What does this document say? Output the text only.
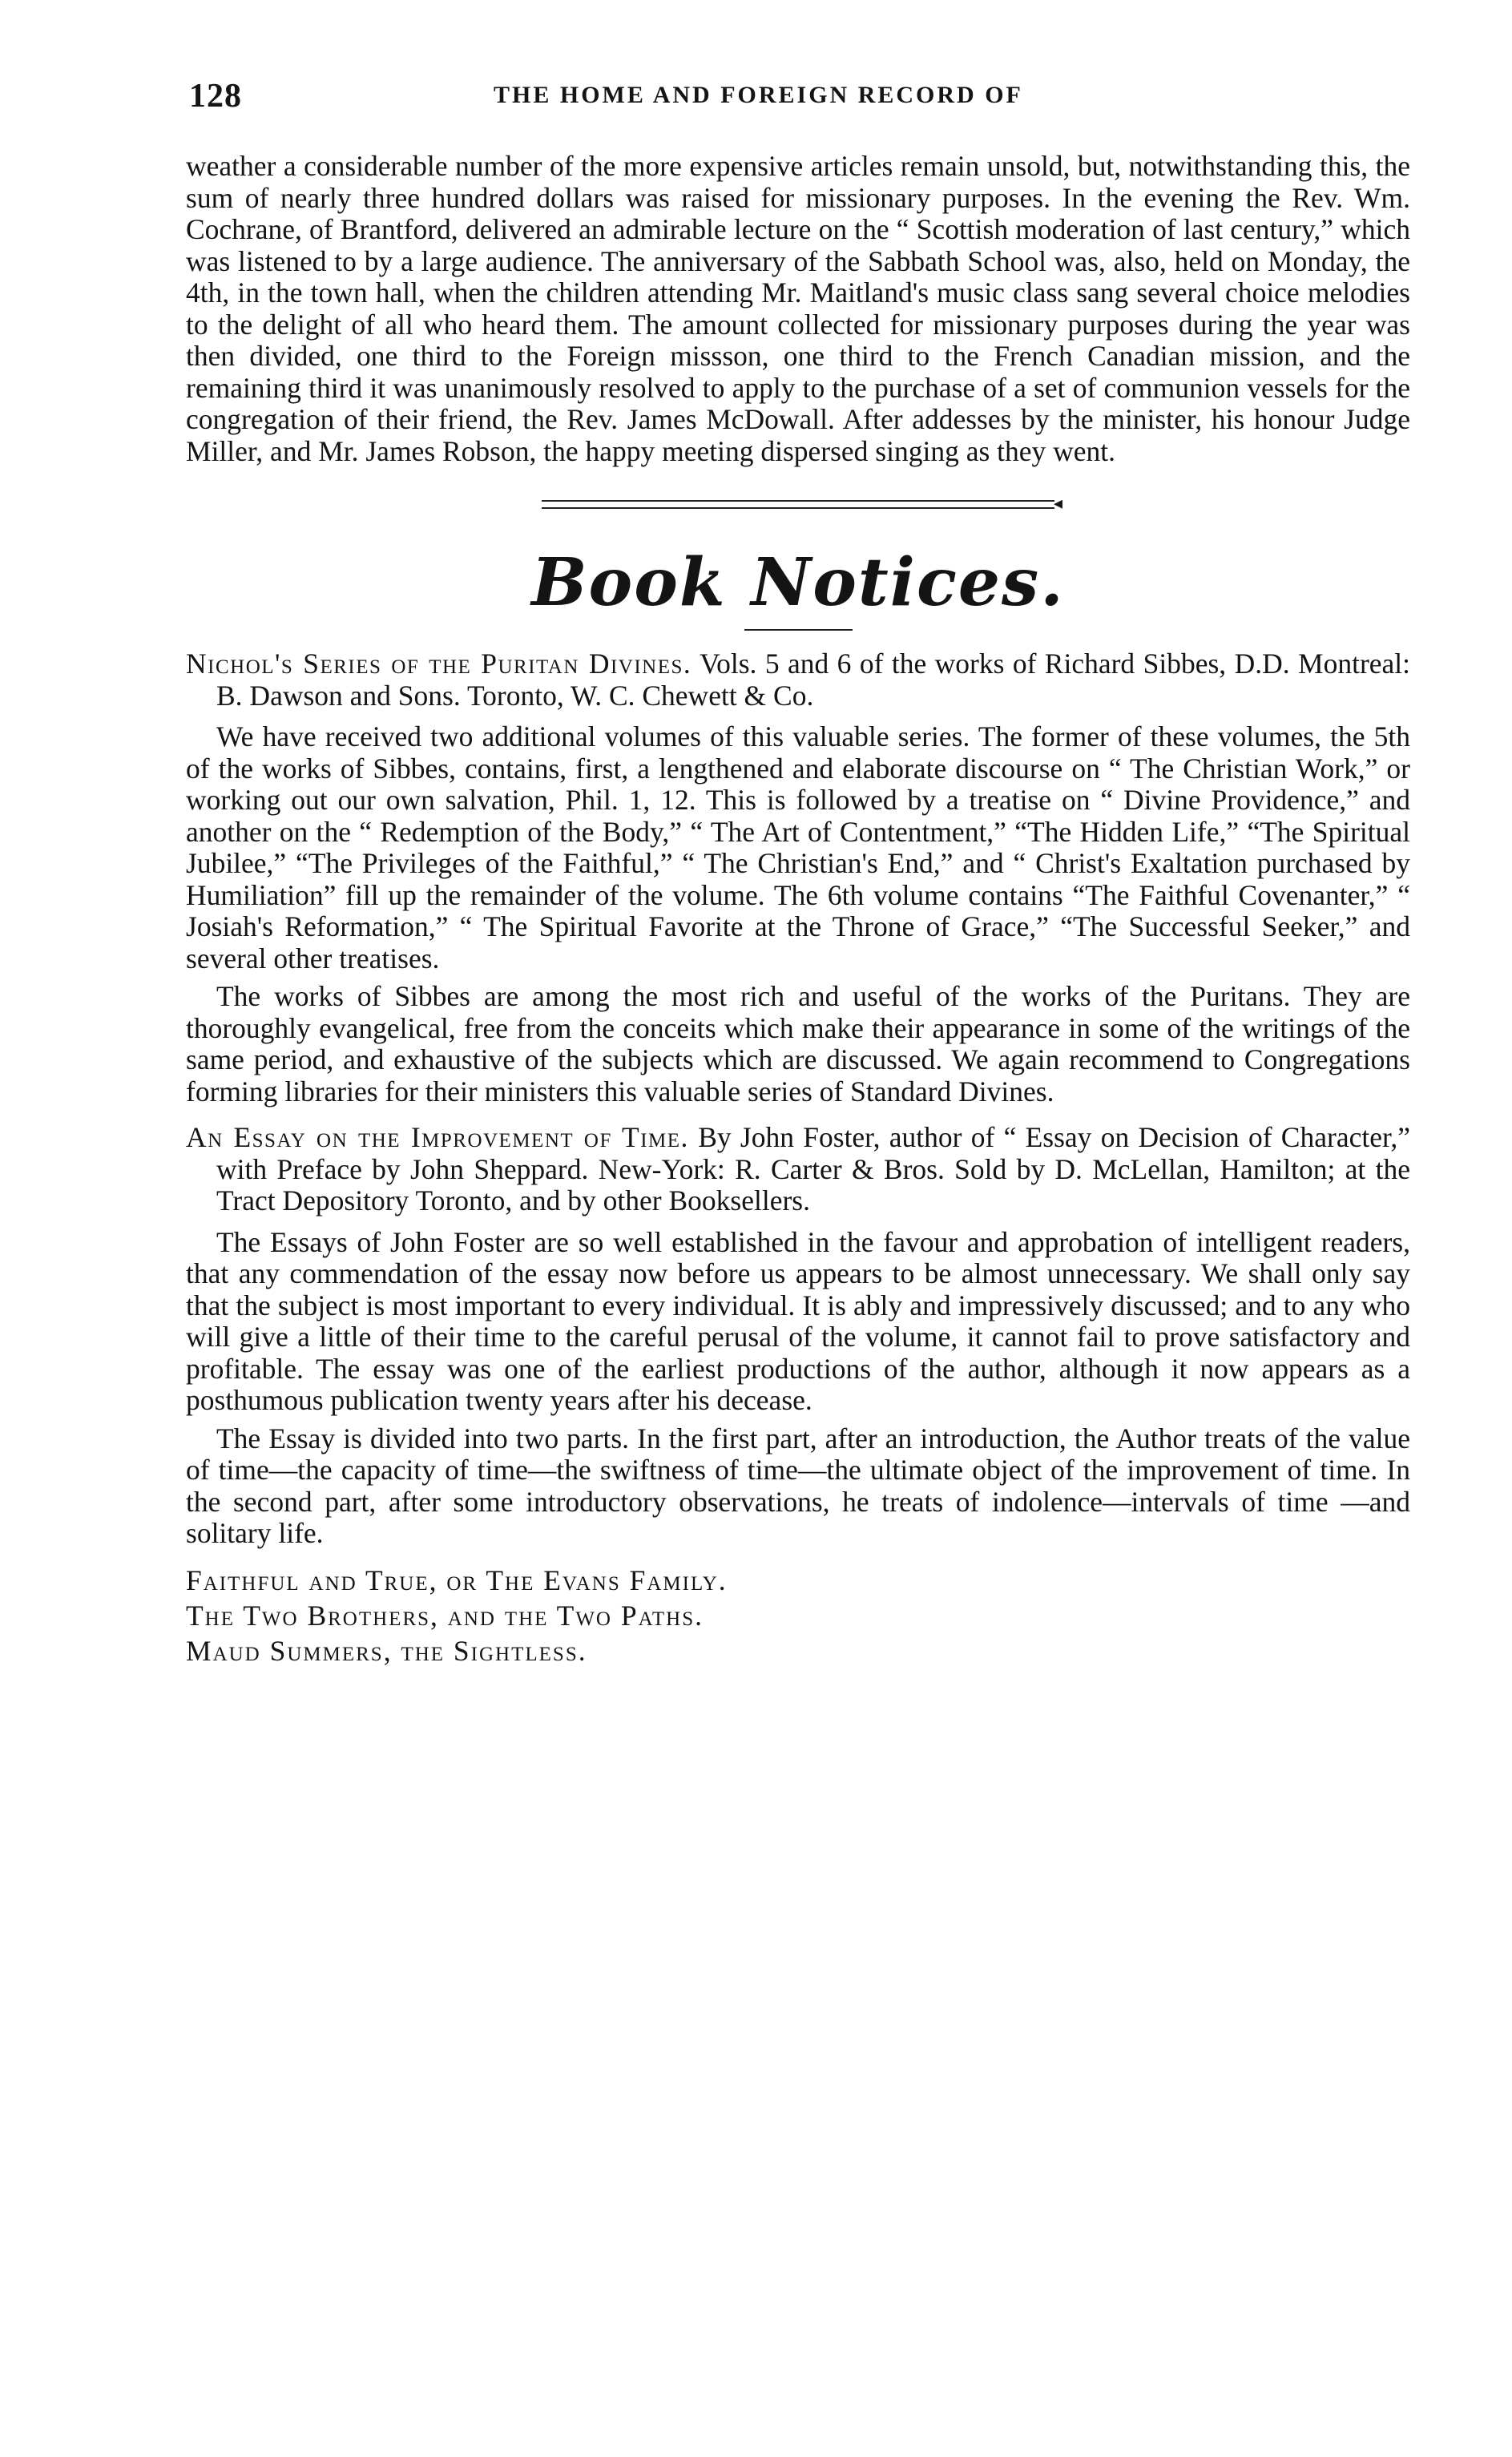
128	THE HOME AND FOREIGN RECORD OF

weather a considerable number of the more expensive articles remain unsold, but, notwithstanding this, the sum of nearly three hundred dollars was raised for missionary purposes. In the evening the Rev. Wm. Cochrane, of Brantford, delivered an admirable lecture on the “ Scottish moderation of last century,” which was listened to by a large audience. The anniversary of the Sabbath School was, also, held on Monday, the 4th, in the town hall, when the children attending Mr. Maitland's music class sang several choice melodies to the delight of all who heard them. The amount collected for missionary purposes during the year was then divided, one third to the Foreign missson, one third to the French Canadian mission, and the remaining third it was unanimously resolved to apply to the purchase of a set of communion vessels for the congregation of their friend, the Rev. James McDowall. After addesses by the minister, his honour Judge Miller, and Mr. James Robson, the happy meeting dispersed singing as they went.

◂
Book Notices.

Nichol's Series of the Puritan Divines. Vols. 5 and 6 of the works of Richard Sibbes, D.D. Montreal: B. Dawson and Sons. Toronto, W. C. Chewett & Co.

We have received two additional volumes of this valuable series. The former of these volumes, the 5th of the works of Sibbes, contains, first, a lengthened and elaborate discourse on “ The Christian Work,” or working out our own salvation, Phil. 1, 12. This is followed by a treatise on “ Divine Providence,” and another on the “ Redemption of the Body,” “ The Art of Contentment,” “The Hidden Life,” “The Spiritual Jubilee,” “The Privileges of the Faithful,” “ The Christian's End,” and “ Christ's Exaltation purchased by Humiliation” fill up the remainder of the volume. The 6th volume contains “The Faithful Covenanter,” “ Josiah's Reformation,” “ The Spiritual Favorite at the Throne of Grace,” “The Successful Seeker,” and several other treatises.

The works of Sibbes are among the most rich and useful of the works of the Puritans. They are thoroughly evangelical, free from the conceits which make their appearance in some of the writings of the same period, and exhaustive of the subjects which are discussed. We again recommend to Congregations forming libraries for their ministers this valuable series of Standard Divines.

An Essay on the Improvement of Time. By John Foster, author of “ Essay on Decision of Character,” with Preface by John Sheppard. New-York: R. Carter & Bros. Sold by D. McLellan, Hamilton; at the Tract Depository Toronto, and by other Booksellers.

The Essays of John Foster are so well established in the favour and approbation of intelligent readers, that any commendation of the essay now before us appears to be almost unnecessary. We shall only say that the subject is most important to every individual. It is ably and impressively discussed; and to any who will give a little of their time to the careful perusal of the volume, it cannot fail to prove satisfactory and profitable. The essay was one of the earliest productions of the author, although it now appears as a posthumous publication twenty years after his decease.

The Essay is divided into two parts. In the first part, after an introduction, the Author treats of the value of time—the capacity of time—the swiftness of time—the ultimate object of the improvement of time. In the second part, after some introductory observations, he treats of indolence—intervals of time —and solitary life.

Faithful and True, or The Evans Family.
The Two Brothers, and the Two Paths.
Maud Summers, the Sightless.
